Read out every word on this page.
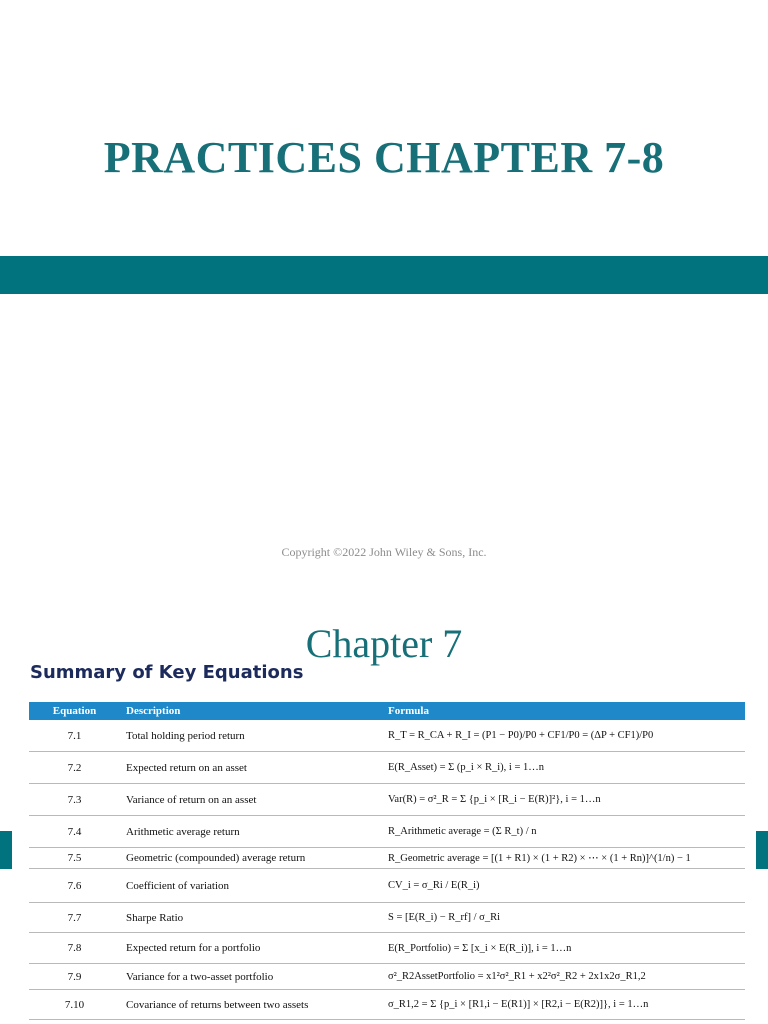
PRACTICES CHAPTER 7-8
Copyright ©2022 John Wiley & Sons, Inc.
Chapter 7
Summary of Key Equations
Equation	Description	Formula
7.1	Total holding period return	R_T = R_CA + R_I = (P1 − P0)/P0 + CF1/P0 = (ΔP + CF1)/P0
7.2	Expected return on an asset	E(R_Asset) = Σ (p_i × R_i), i = 1…n
7.3	Variance of return on an asset	Var(R) = σ²_R = Σ {p_i × [R_i − E(R)]²}, i = 1…n
7.4	Arithmetic average return	R_Arithmetic average = (Σ R_t) / n
7.5	Geometric (compounded) average return	R_Geometric average = [(1 + R1) × (1 + R2) × ⋯ × (1 + Rn)]^(1/n) − 1
7.6	Coefficient of variation	CV_i = σ_Ri / E(R_i)
7.7	Sharpe Ratio	S = [E(R_i) − R_rf] / σ_Ri
7.8	Expected return for a portfolio	E(R_Portfolio) = Σ [x_i × E(R_i)], i = 1…n
7.9	Variance for a two-asset portfolio	σ²_R2AssetPortfolio = x1²σ²_R1 + x2²σ²_R2 + 2x1x2σ_R1,2
7.10	Covariance of returns between two assets	σ_R1,2 = Σ {p_i × [R1,i − E(R1)] × [R2,i − E(R2)]}, i = 1…n
